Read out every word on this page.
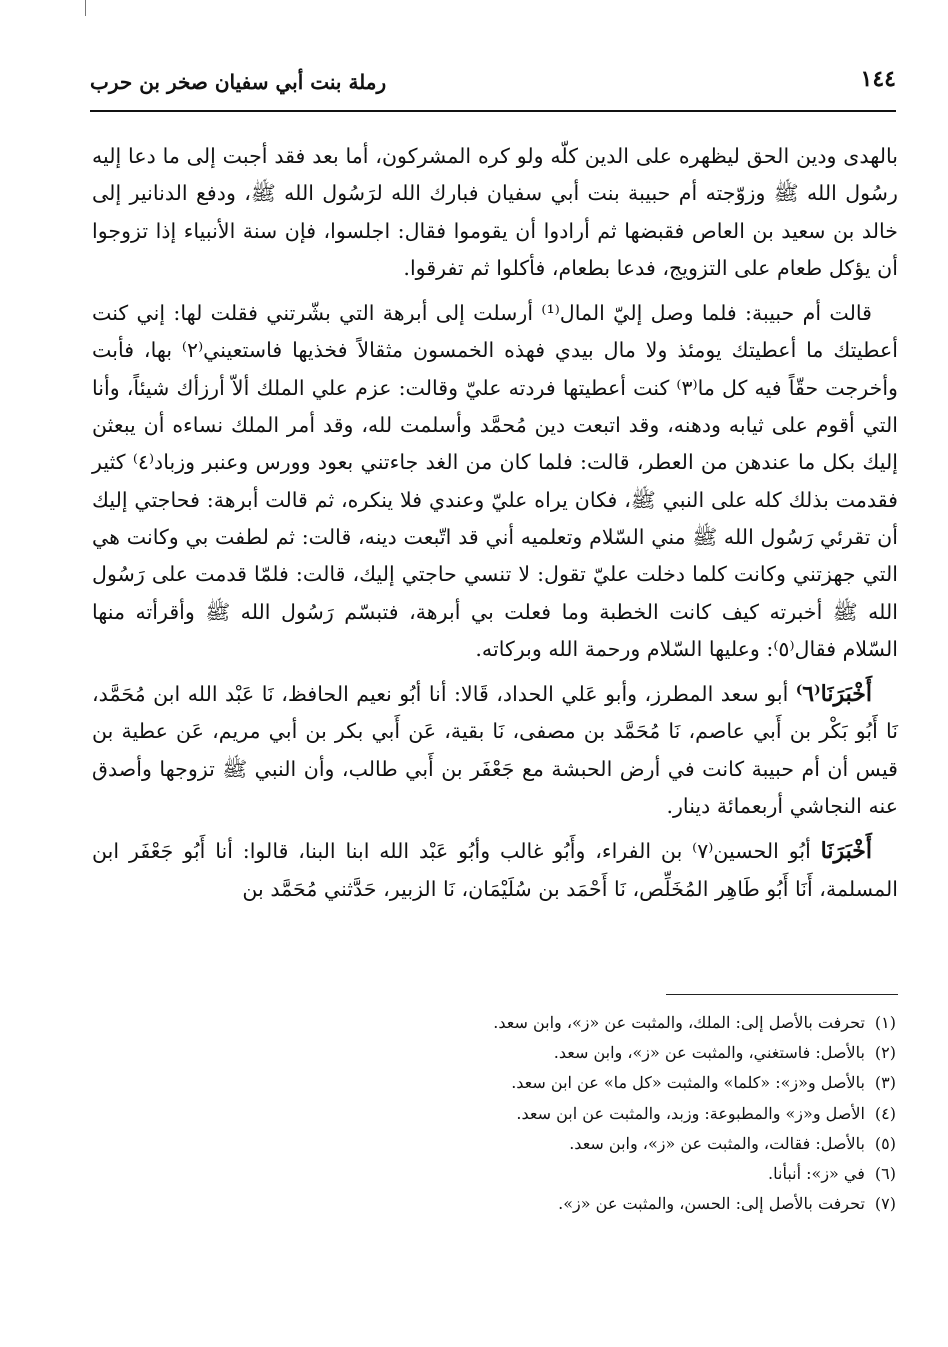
١٤٤
رملة بنت أبي سفيان صخر بن حرب

بالهدى ودين الحق ليظهره على الدين كلّه ولو كره المشركون، أما بعد فقد أجبت إلى ما دعا إليه رسُول الله ﷺ وزوّجته أم حبيبة بنت أبي سفيان فبارك الله لرَسُول الله ﷺ، ودفع الدنانير إلى خالد بن سعيد بن العاص فقبضها ثم أرادوا أن يقوموا فقال: اجلسوا، فإن سنة الأنبياء إذا تزوجوا أن يؤكل طعام على التزويج، فدعا بطعام، فأكلوا ثم تفرقوا.

قالت أم حبيبة: فلما وصل إليّ المال⁽¹⁾ أرسلت إلى أبرهة التي بشّرتني فقلت لها: إني كنت أعطيتك ما أعطيتك يومئذ ولا مال بيدي فهذه الخمسون مثقالاً فخذيها فاستعيني⁽٢⁾ بها، فأبت وأخرجت حقّاً فيه كل ما⁽٣⁾ كنت أعطيتها فردته عليّ وقالت: عزم علي الملك ألاّ أرزأك شيئاً، وأنا التي أقوم على ثيابه ودهنه، وقد اتبعت دين مُحمَّد وأسلمت لله، وقد أمر الملك نساءه أن يبعثن إليك بكل ما عندهن من العطر، قالت: فلما كان من الغد جاءتني بعود وورس وعنبر وزباد⁽٤⁾ كثير فقدمت بذلك كله على النبي ﷺ، فكان يراه عليّ وعندي فلا ينكره، ثم قالت أبرهة: فحاجتي إليك أن تقرئي رَسُول الله ﷺ مني السّلام وتعلميه أني قد اتّبعت دينه، قالت: ثم لطفت بي وكانت هي التي جهزتني وكانت كلما دخلت عليّ تقول: لا تنسي حاجتي إليك، قالت: فلمّا قدمت على رَسُول الله ﷺ أخبرته كيف كانت الخطبة وما فعلت بي أبرهة، فتبسّم رَسُول الله ﷺ وأقرأته منها السّلام فقال⁽٥⁾: وعليها السّلام ورحمة الله وبركاته.

أَخْبَرَنَا⁽٦⁾ أبو سعد المطرز، وأبو عَلي الحداد، قَالا: أنا أبُو نعيم الحافظ، نَا عَبْد الله ابن مُحَمَّد، نَا أَبُو بَكْر بن أَبي عاصم، نَا مُحَمَّد بن مصفى، نَا بقية، عَن أَبي بكر بن أبي مريم، عَن عطية بن قيس أن أم حبيبة كانت في أرض الحبشة مع جَعْفَر بن أَبي طالب، وأن النبي ﷺ تزوجها وأصدق عنه النجاشي أربعمائة دينار.

أَخْبَرَنَا أبُو الحسين⁽٧⁾ بن الفراء، وأَبُو غالب وأبُو عَبْد الله ابنا البنا، قالوا: أنا أَبُو جَعْفَر ابن المسلمة، أَنَا أَبُو طَاهِر المُخَلِّص، نَا أَحْمَد بن سُلَيْمَان، نَا الزبير، حَدَّثني مُحَمَّد بن

(١)تحرفت بالأصل إلى: الملك، والمثبت عن «ز»، وابن سعد.
(٢)بالأصل: فاستغني، والمثبت عن «ز»، وابن سعد.
(٣)بالأصل و«ز»: «كلما» والمثبت «كل ما» عن ابن سعد.
(٤)الأصل و«ز» والمطبوعة: وزبد، والمثبت عن ابن سعد.
(٥)بالأصل: فقالت، والمثبت عن «ز»، وابن سعد.
(٦)في «ز»: أنبأنا.
(٧)تحرفت بالأصل إلى: الحسن، والمثبت عن «ز».
